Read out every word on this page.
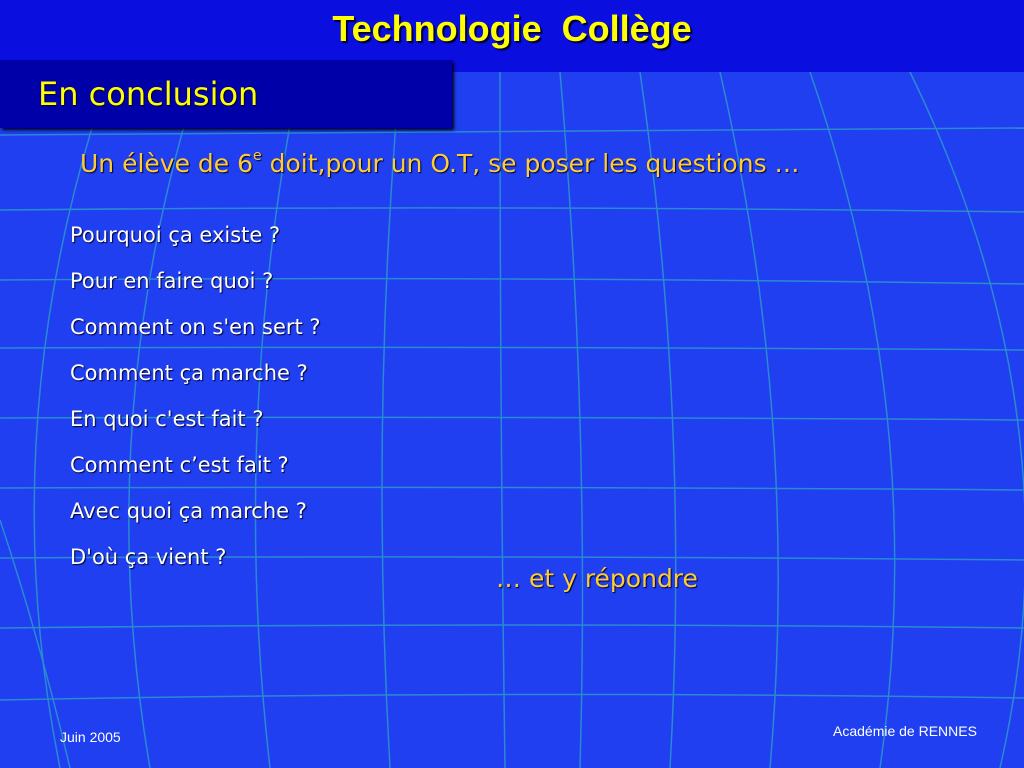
Technologie  Collège
En conclusion
Un élève de 6e doit,pour un O.T, se poser les questions …
Pourquoi ça existe ?
Pour en faire quoi ?
Comment on s'en sert ?
Comment ça marche ?
En quoi c'est fait ?
Comment c’est fait ?
Avec quoi ça marche ?
D'où ça vient ?
… et y répondre
Juin 2005	Académie de RENNES
